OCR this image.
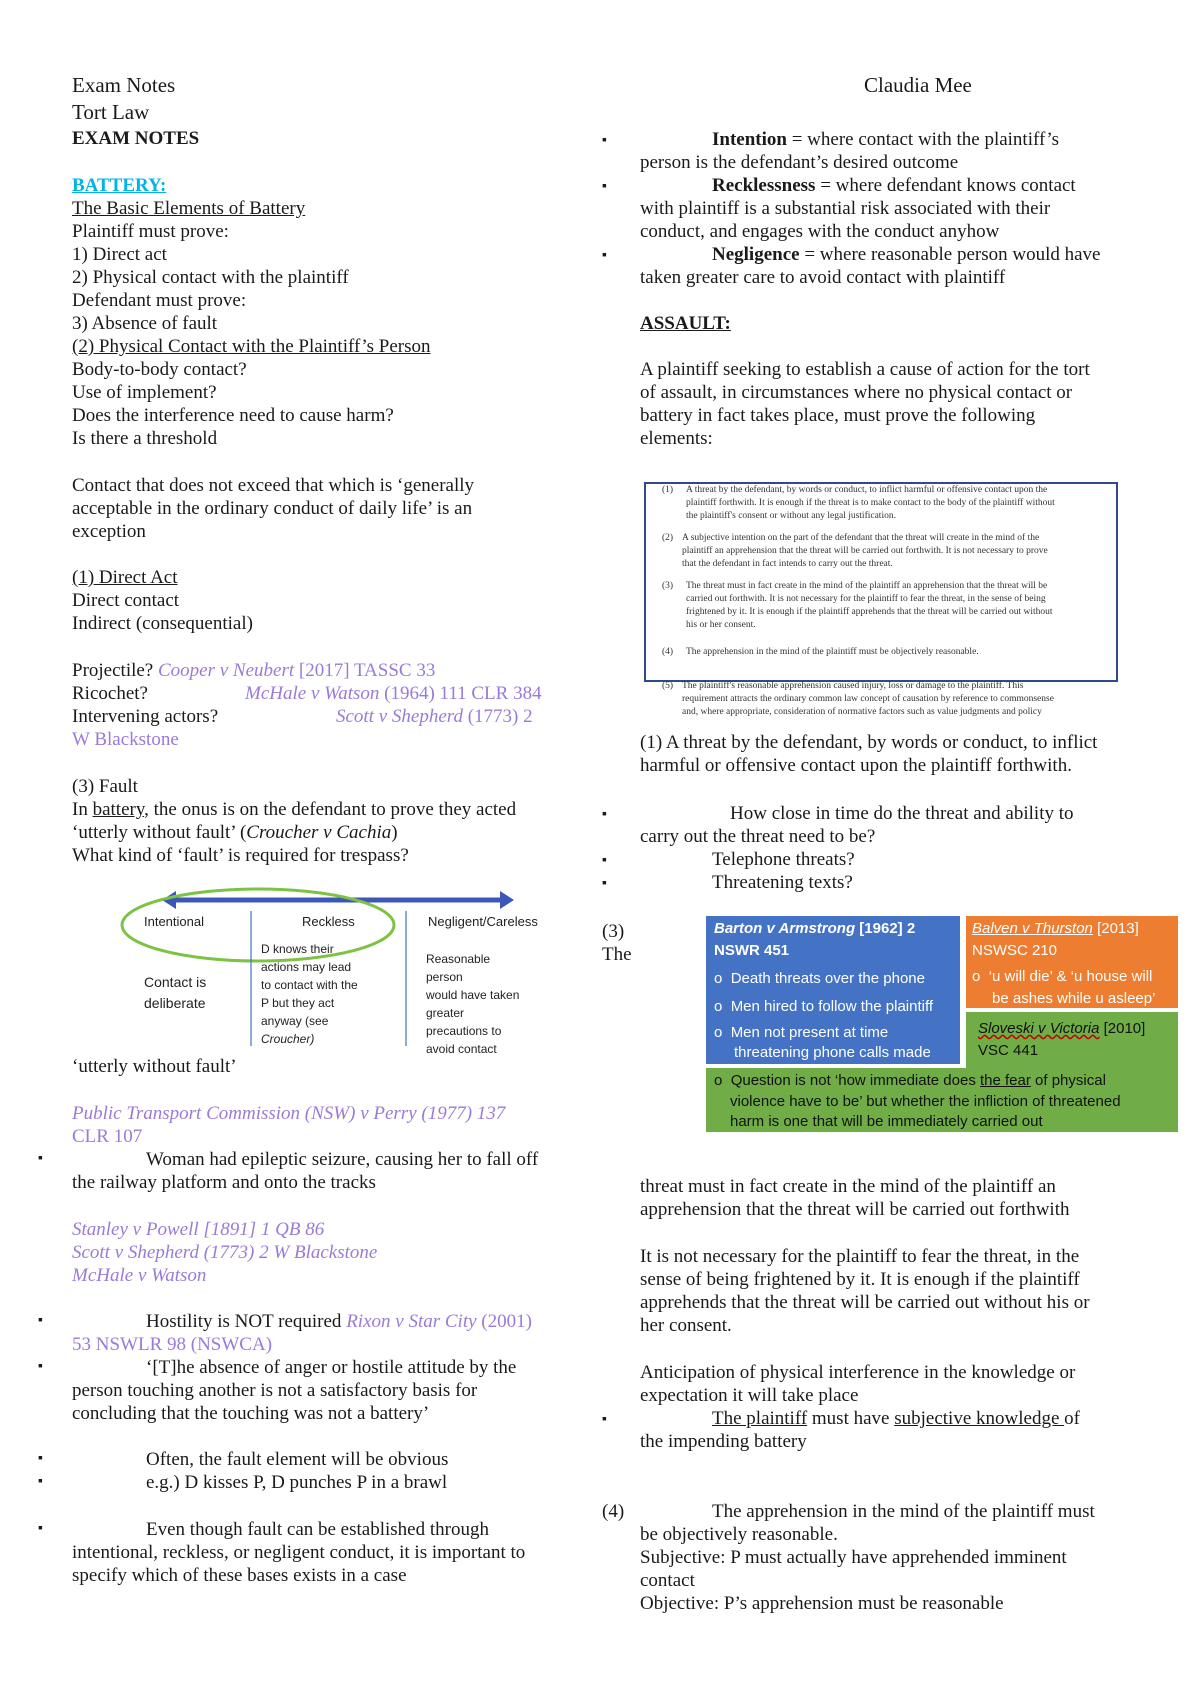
Exam Notes
Tort Law
Claudia Mee
EXAM NOTES
BATTERY:
The Basic Elements of Battery
Plaintiff must prove:
1) Direct act
2) Physical contact with the plaintiff
Defendant must prove:
3) Absence of fault
(2) Physical Contact with the Plaintiff’s Person
Body-to-body contact?
Use of implement?
Does the interference need to cause harm?
Is there a threshold
Contact that does not exceed that which is ‘generally
acceptable in the ordinary conduct of daily life’ is an
exception
(1) Direct Act
Direct contact
Indirect (consequential)
Projectile? Cooper v Neubert [2017] TASSC 33
Ricochet?	McHale v Watson (1964) 111 CLR 384
Intervening actors?	Scott v Shepherd (1773) 2
W Blackstone
(3) Fault
In battery, the onus is on the defendant to prove they acted
‘utterly without fault’ (Croucher v Cachia)
What kind of ‘fault’ is required for trespass?
Intentional	Reckless	Negligent/Careless
Contact is
deliberate
D knows their
actions may lead
to contact with the
P but they act
anyway (see
Croucher)
Reasonable person
would have taken
greater
precautions to
avoid contact
‘utterly without fault’
Public Transport Commission (NSW) v Perry (1977) 137
CLR 107
▪	Woman had epileptic seizure, causing her to fall off
the railway platform and onto the tracks
Stanley v Powell [1891] 1 QB 86
Scott v Shepherd (1773) 2 W Blackstone
McHale v Watson
▪	Hostility is NOT required Rixon v Star City (2001)
53 NSWLR 98 (NSWCA)
▪	‘[T]he absence of anger or hostile attitude by the
person touching another is not a satisfactory basis for
concluding that the touching was not a battery’
▪	Often, the fault element will be obvious
▪	e.g.) D kisses P, D punches P in a brawl
▪	Even though fault can be established through
intentional, reckless, or negligent conduct, it is important to
specify which of these bases exists in a case
▪	Intention = where contact with the plaintiff’s
person is the defendant’s desired outcome
▪	Recklessness = where defendant knows contact
with plaintiff is a substantial risk associated with their
conduct, and engages with the conduct anyhow
▪	Negligence = where reasonable person would have
taken greater care to avoid contact with plaintiff
ASSAULT:
A plaintiff seeking to establish a cause of action for the tort
of assault, in circumstances where no physical contact or
battery in fact takes place, must prove the following
elements:
(1) A threat by the defendant, by words or conduct, to inflict harmful or offensive contact upon the
plaintiff forthwith. It is enough if the threat is to make contact to the body of the plaintiff without
the plaintiff's consent or without any legal justification.
(2) A subjective intention on the part of the defendant that the threat will create in the mind of the
plaintiff an apprehension that the threat will be carried out forthwith. It is not necessary to prove
that the defendant in fact intends to carry out the threat.
(3) The threat must in fact create in the mind of the plaintiff an apprehension that the threat will be
carried out forthwith. It is not necessary for the plaintiff to fear the threat, in the sense of being
frightened by it. It is enough if the plaintiff apprehends that the threat will be carried out without
his or her consent.
(4) The apprehension in the mind of the plaintiff must be objectively reasonable.
(5) The plaintiff's reasonable apprehension caused injury, loss or damage to the plaintiff. This
requirement attracts the ordinary common law concept of causation by reference to commonsense
and, where appropriate, consideration of normative factors such as value judgments and policy
(1) A threat by the defendant, by words or conduct, to inflict
harmful or offensive contact upon the plaintiff forthwith.
▪	How close in time do the threat and ability to
carry out the threat need to be?
▪	Telephone threats?
▪	Threatening texts?
(3)
The
Barton v Armstrong [1962] 2
NSWR 451
o  Death threats over the phone
o  Men hired to follow the plaintiff
o  Men not present at time
threatening phone calls made
Balven v Thurston [2013]
NSWSC 210
o  ‘u will die’ & ‘u house will
be ashes while u asleep’
Sloveski v Victoria [2010]
VSC 441
o  Question is not ‘how immediate does the fear of physical
violence have to be’ but whether the infliction of threatened
harm is one that will be immediately carried out
threat must in fact create in the mind of the plaintiff an
apprehension that the threat will be carried out forthwith
It is not necessary for the plaintiff to fear the threat, in the
sense of being frightened by it. It is enough if the plaintiff
apprehends that the threat will be carried out without his or
her consent.
Anticipation of physical interference in the knowledge or
expectation it will take place
▪	The plaintiff must have subjective knowledge of
the impending battery
(4)	The apprehension in the mind of the plaintiff must
be objectively reasonable.
Subjective: P must actually have apprehended imminent
contact
Objective: P’s apprehension must be reasonable
